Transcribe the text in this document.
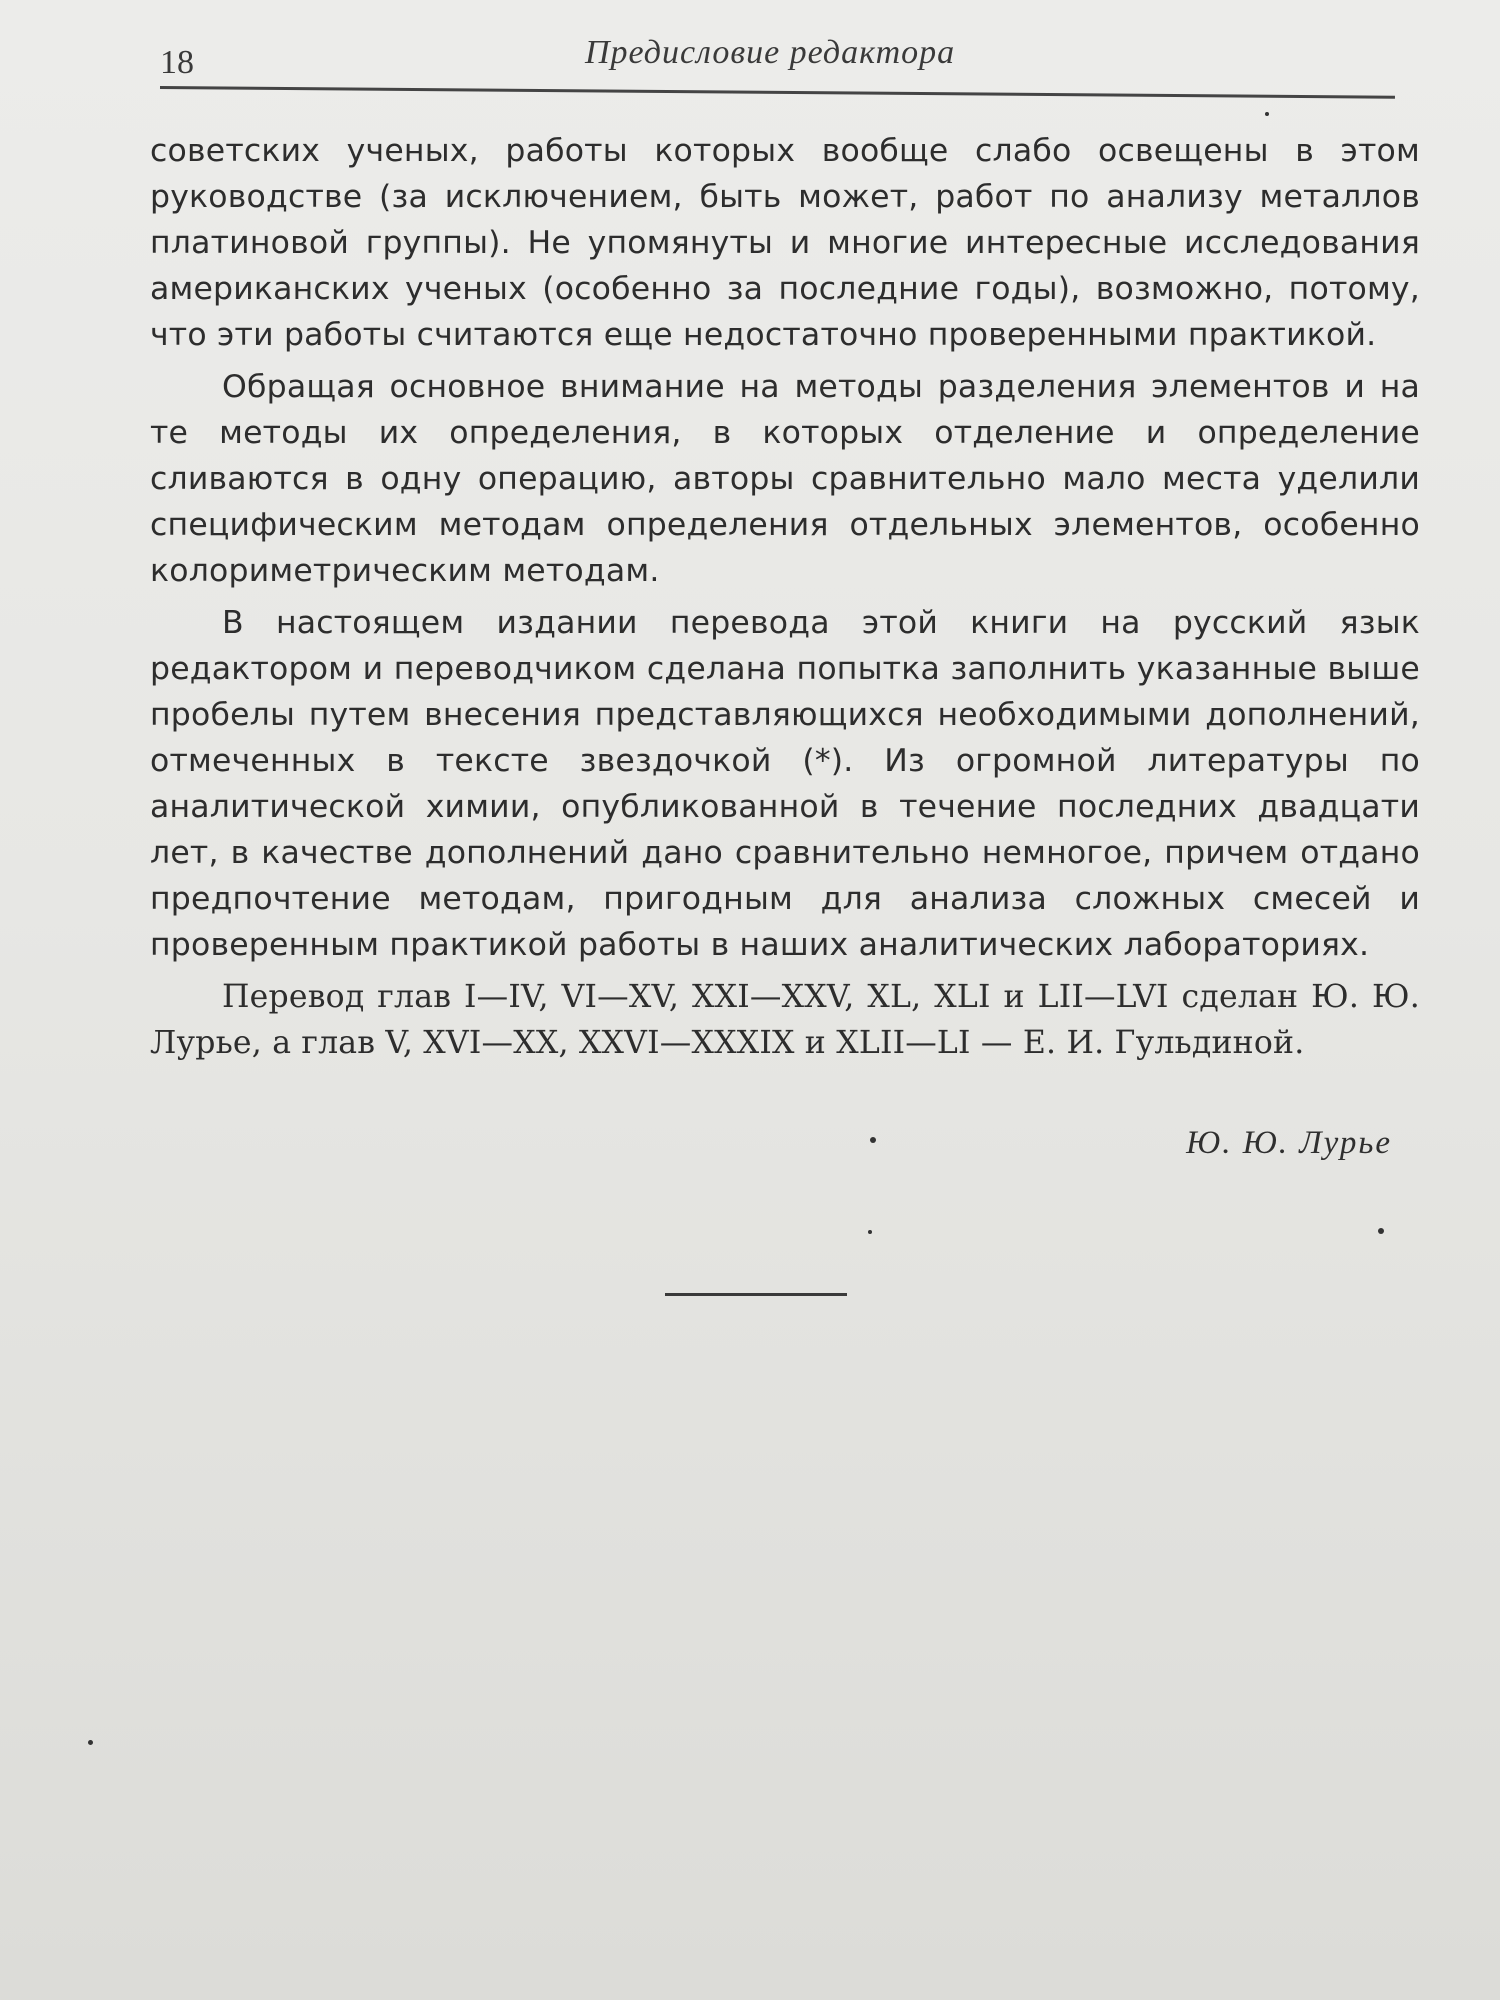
18	Предисловие редактора

советских ученых, работы которых вообще слабо освещены в этом руководстве (за исключением, быть может, работ по анализу металлов платиновой группы). Не упомянуты и многие интересные исследования американских ученых (особенно за последние годы), возможно, потому, что эти работы считаются еще недостаточно проверенными практикой.

Обращая основное внимание на методы разделения элементов и на те методы их определения, в которых отделение и определение сливаются в одну операцию, авторы сравнительно мало места уделили специфическим методам определения отдельных элементов, особенно колориметрическим методам.

В настоящем издании перевода этой книги на русский язык редактором и переводчиком сделана попытка заполнить указанные выше пробелы путем внесения представляющихся необходимыми дополнений, отмеченных в тексте звездочкой (*). Из огромной литературы по аналитической химии, опубликованной в течение последних двадцати лет, в качестве дополнений дано сравнительно немногое, причем отдано предпочтение методам, пригодным для анализа сложных смесей и проверенным практикой работы в наших аналитических лабораториях.

Перевод глав I—IV, VI—XV, XXI—XXV, XL, XLI и LII—LVI сделан Ю. Ю. Лурье, а глав V, XVI—XX, XXVI—XXXIX и XLII—LI — Е. И. Гульдиной.

Ю. Ю. Лурье
